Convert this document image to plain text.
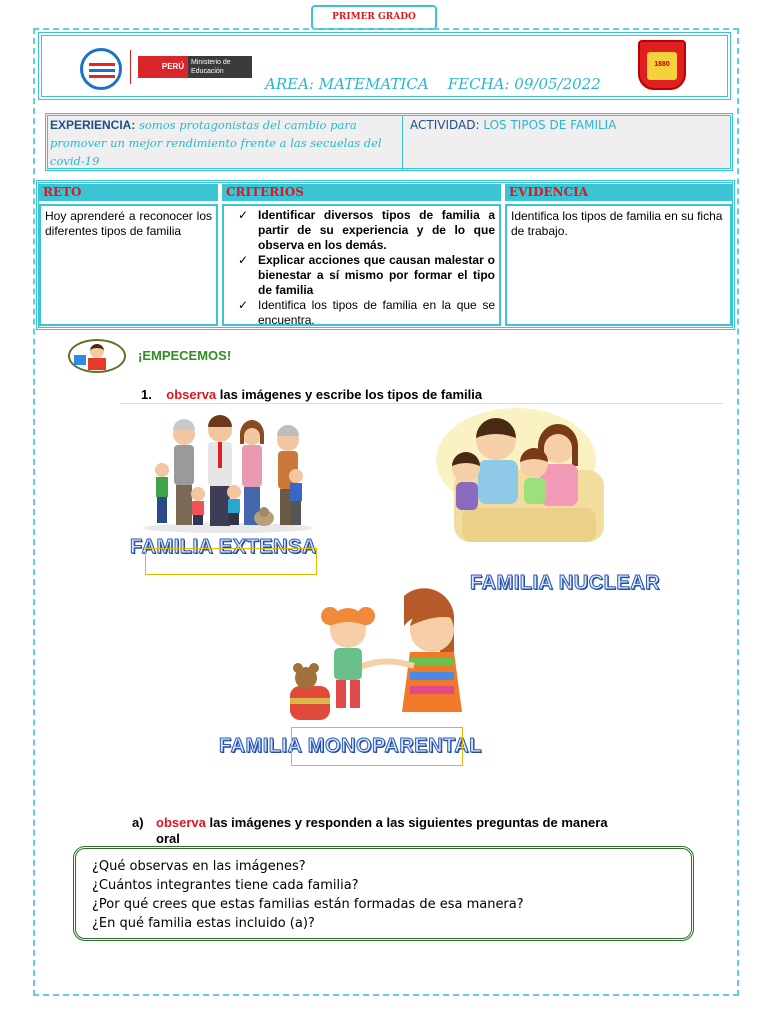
PRIMER GRADO
PERÚ Ministerio de Educación
AREA: MATEMATICA    FECHA: 09/05/2022
1880
EXPERIENCIA: somos protagonistas del cambio para promover un mejor rendimiento frente a las secuelas del covid-19
ACTIVIDAD: LOS TIPOS DE FAMILIA
RETO	CRITERIOS	EVIDENCIA
Hoy aprenderé a reconocer los diferentes tipos de familia
✓ Identificar diversos tipos de familia a partir de su experiencia y de lo que observa en los demás.
✓ Explicar acciones que causan malestar o bienestar a sí mismo por formar el tipo de familia
✓ Identifica los tipos de familia en la que se encuentra.
Identifica los tipos de familia en su ficha de trabajo.
¡EMPECEMOS!
1. observa las imágenes y escribe los tipos de familia
FAMILIA EXTENSA
FAMILIA NUCLEAR
FAMILIA MONOPARENTAL
a) observa las imágenes y responden a las siguientes preguntas de manera oral

¿Qué observas en las imágenes?

¿Cuántos integrantes tiene cada familia?

¿Por qué crees que estas familias están formadas de esa manera?

¿En qué familia estas incluido (a)?
